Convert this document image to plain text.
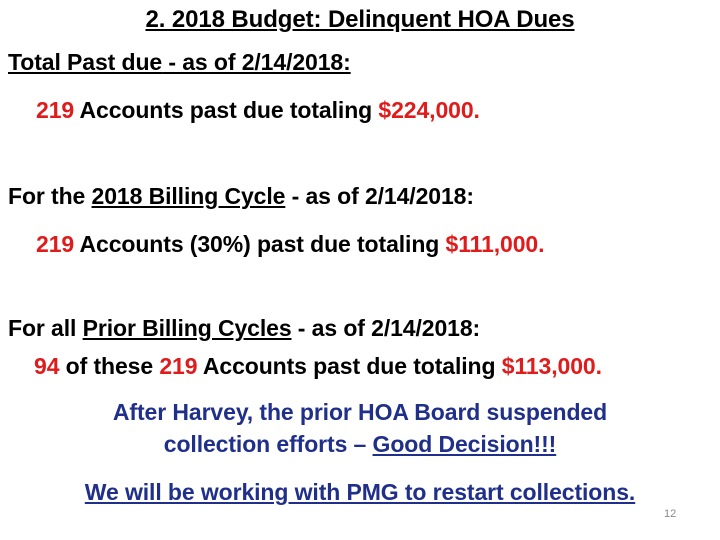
2. 2018 Budget: Delinquent HOA Dues
Total Past due - as of 2/14/2018:
219 Accounts past due totaling $224,000.
For the 2018 Billing Cycle - as of 2/14/2018:
219 Accounts (30%) past due totaling $111,000.
For all Prior Billing Cycles - as of 2/14/2018:
94 of these 219 Accounts past due totaling $113,000.
After Harvey, the prior HOA Board suspended
collection efforts – Good Decision!!!
We will be working with PMG to restart collections.
12
